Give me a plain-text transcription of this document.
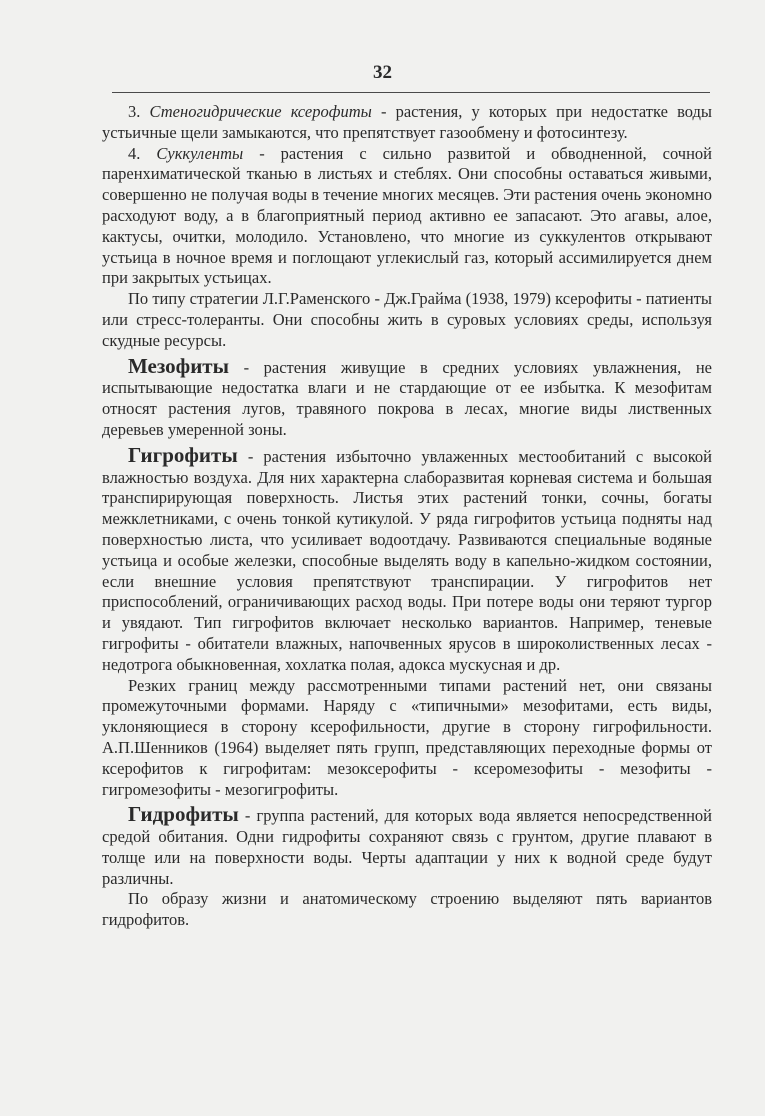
32

3. Стеногидрические ксерофиты - растения, у которых при недостатке воды устьичные щели замыкаются, что препятствует газообмену и фотосинтезу.

4. Суккуленты - растения с сильно развитой и обводненной, сочной паренхиматической тканью в листьях и стеблях. Они способны оставаться живыми, совершенно не получая воды в течение многих месяцев. Эти растения очень экономно расходуют воду, а в благоприятный период активно ее запасают. Это агавы, алое, кактусы, очитки, молодило. Установлено, что многие из суккулентов открывают устьица в ночное время и поглощают углекислый газ, который ассимилируется днем при закрытых устьицах.

По типу стратегии Л.Г.Раменского - Дж.Грайма (1938, 1979) ксерофиты - патиенты или стресс-толеранты. Они способны жить в суровых условиях среды, используя скудные ресурсы.

Мезофиты - растения живущие в средних условиях увлажнения, не испытывающие недостатка влаги и не стардающие от ее избытка. К мезофитам относят растения лугов, травяного покрова в лесах, многие виды лиственных деревьев умеренной зоны.

Гигрофиты - растения избыточно увлаженных местообитаний с высокой влажностью воздуха. Для них характерна слаборазвитая корневая система и большая транспирирующая поверхность. Листья этих растений тонки, сочны, богаты межклетниками, с очень тонкой кутикулой. У ряда гигрофитов устьица подняты над поверхностью листа, что усиливает водоотдачу. Развиваются специальные водяные устьица и особые железки, способные выделять воду в капельно-жидком состоянии, если внешние условия препятствуют транспирации. У гигрофитов нет приспособлений, ограничивающих расход воды. При потере воды они теряют тургор и увядают. Тип гигрофитов включает несколько вариантов. Например, теневые гигрофиты - обитатели влажных, напочвенных ярусов в широколиственных лесах - недотрога обыкновенная, хохлатка полая, адокса мускусная и др.

Резких границ между рассмотренными типами растений нет, они связаны промежуточными формами. Наряду с «типичными» мезофитами, есть виды, уклоняющиеся в сторону ксерофильности, другие в сторону гигрофильности. А.П.Шенников (1964) выделяет пять групп, представляющих переходные формы от ксерофитов к гигрофитам: мезоксерофиты - ксеромезофиты - мезофиты - гигромезофиты - мезогигрофиты.

Гидрофиты - группа растений, для которых вода является непосредственной средой обитания. Одни гидрофиты сохраняют связь с грунтом, другие плавают в толще или на поверхности воды. Черты адаптации у них к водной среде будут различны.

По образу жизни и анатомическому строению выделяют пять вариантов гидрофитов.
